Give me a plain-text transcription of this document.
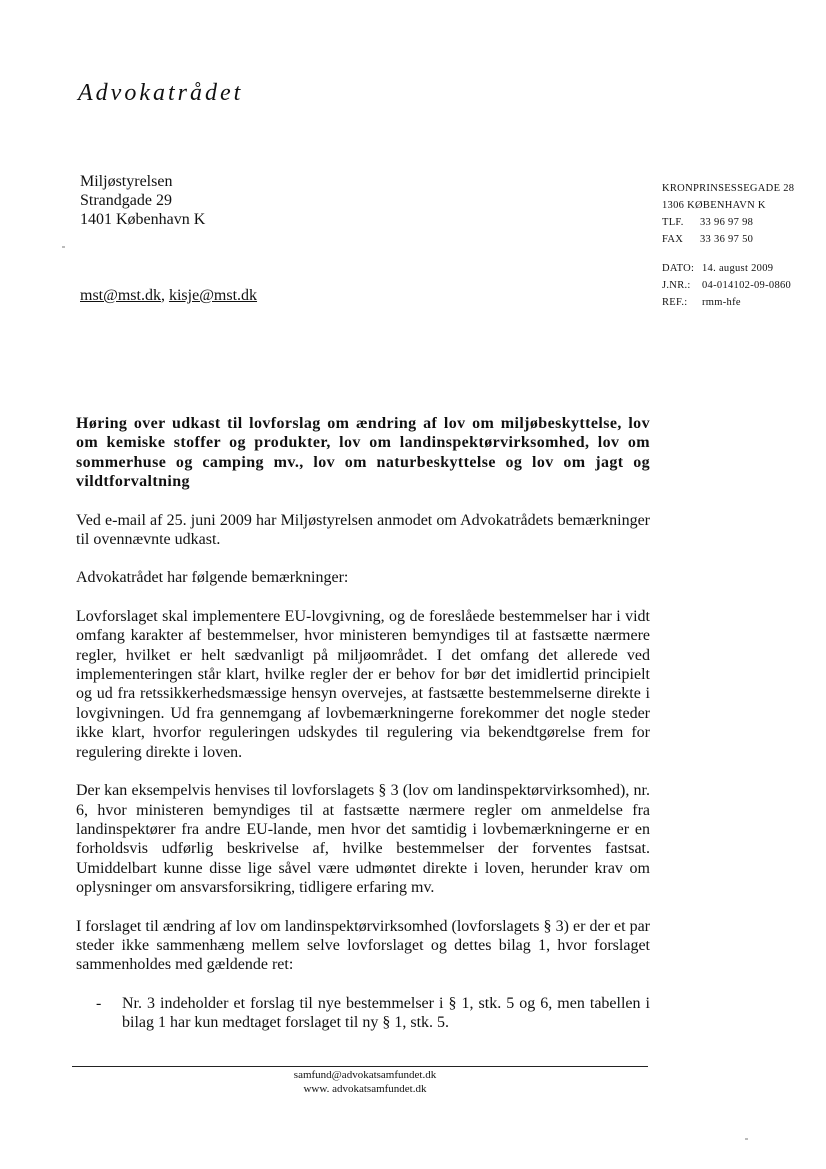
Advokatrådet
Miljøstyrelsen
Strandgade 29
1401 København K
mst@mst.dk, kisje@mst.dk
KRONPRINSESSEGADE 28
1306 KØBENHAVN K
TLF. 33 96 97 98
FAX 33 36 97 50
DATO: 14. august 2009
J.NR.: 04-014102-09-0860
REF.: rmm-hfe
Høring over udkast til lovforslag om ændring af lov om miljøbeskyttelse, lov om kemiske stoffer og produkter, lov om landinspektørvirksomhed, lov om sommerhuse og camping mv., lov om naturbeskyttelse og lov om jagt og vildtforvaltning

Ved e-mail af 25. juni 2009 har Miljøstyrelsen anmodet om Advokatrådets bemærkninger til ovennævnte udkast.

Advokatrådet har følgende bemærkninger:

Lovforslaget skal implementere EU-lovgivning, og de foreslåede bestemmelser har i vidt omfang karakter af bestemmelser, hvor ministeren bemyndiges til at fastsætte nærmere regler, hvilket er helt sædvanligt på miljøområdet. I det omfang det allerede ved implementeringen står klart, hvilke regler der er behov for bør det imidlertid principielt og ud fra retssikkerhedsmæssige hensyn overvejes, at fastsætte bestemmelserne direkte i lovgivningen. Ud fra gennemgang af lovbemærkningerne forekommer det nogle steder ikke klart, hvorfor reguleringen udskydes til regulering via bekendtgørelse frem for regulering direkte i loven.

Der kan eksempelvis henvises til lovforslagets § 3 (lov om landinspektørvirksomhed), nr. 6, hvor ministeren bemyndiges til at fastsætte nærmere regler om anmeldelse fra landinspektører fra andre EU-lande, men hvor det samtidig i lovbemærkningerne er en forholdsvis udførlig beskrivelse af, hvilke bestemmelser der forventes fastsat. Umiddelbart kunne disse lige såvel være udmøntet direkte i loven, herunder krav om oplysninger om ansvarsforsikring, tidligere erfaring mv.

I forslaget til ændring af lov om landinspektørvirksomhed (lovforslagets § 3) er der et par steder ikke sammenhæng mellem selve lovforslaget og dettes bilag 1, hvor forslaget sammenholdes med gældende ret:

- Nr. 3 indeholder et forslag til nye bestemmelser i § 1, stk. 5 og 6, men tabellen i bilag 1 har kun medtaget forslaget til ny § 1, stk. 5.
samfund@advokatsamfundet.dk
www. advokatsamfundet.dk
